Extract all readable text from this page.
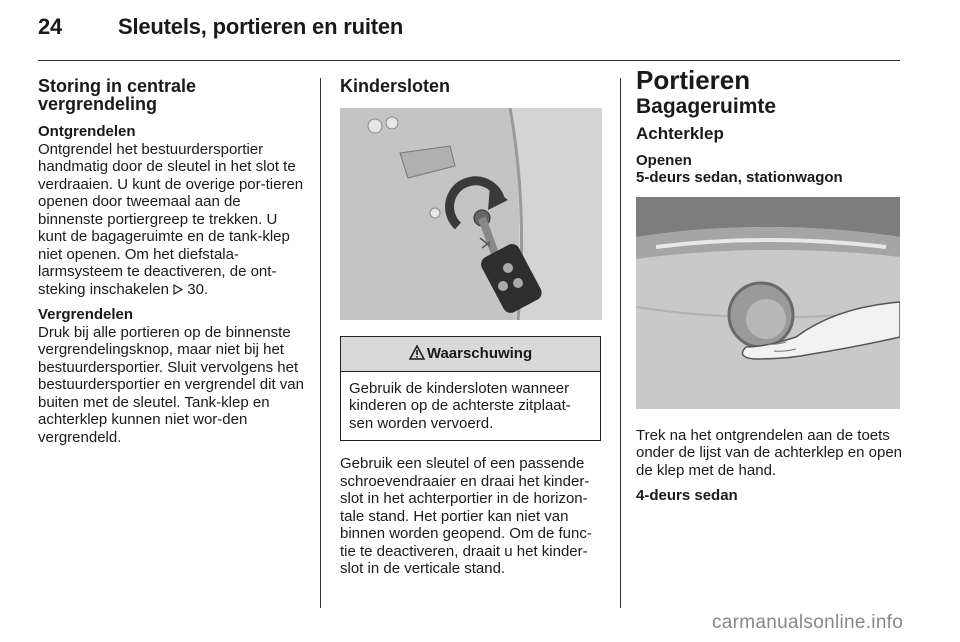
24	Sleutels, portieren en ruiten
Storing in centrale vergrendeling
Ontgrendelen

Ontgrendel het bestuurdersportier handmatig door de sleutel in het slot te verdraaien. U kunt de overige por-tieren openen door tweemaal aan de binnenste portiergreep te trekken. U kunt de bagageruimte en de tank-klep niet openen. Om het diefstala-larmsysteem te deactiveren, de ont-steking inschakelen 30.

Vergrendelen

Druk bij alle portieren op de binnenste vergrendelingsknop, maar niet bij het bestuurdersportier. Sluit vervolgens het bestuurdersportier en vergrendel dit van buiten met de sleutel. Tank-klep en achterklep kunnen niet wor-den vergrendeld.

Kindersloten
Waarschuwing
Gebruik de kindersloten wanneer kinderen op de achterste zitplaat-sen worden vervoerd.

Gebruik een sleutel of een passende schroevendraaier en draai het kinder-slot in het achterportier in de horizon-tale stand. Het portier kan niet van binnen worden geopend. Om de func-tie te deactiveren, draait u het kinder-slot in de verticale stand.

Portieren
Bagageruimte
Achterklep
Openen
5-deurs sedan, stationwagon

Trek na het ontgrendelen aan de toets onder de lijst van de achterklep en open de klep met de hand.

4-deurs sedan
carmanualsonline.info
